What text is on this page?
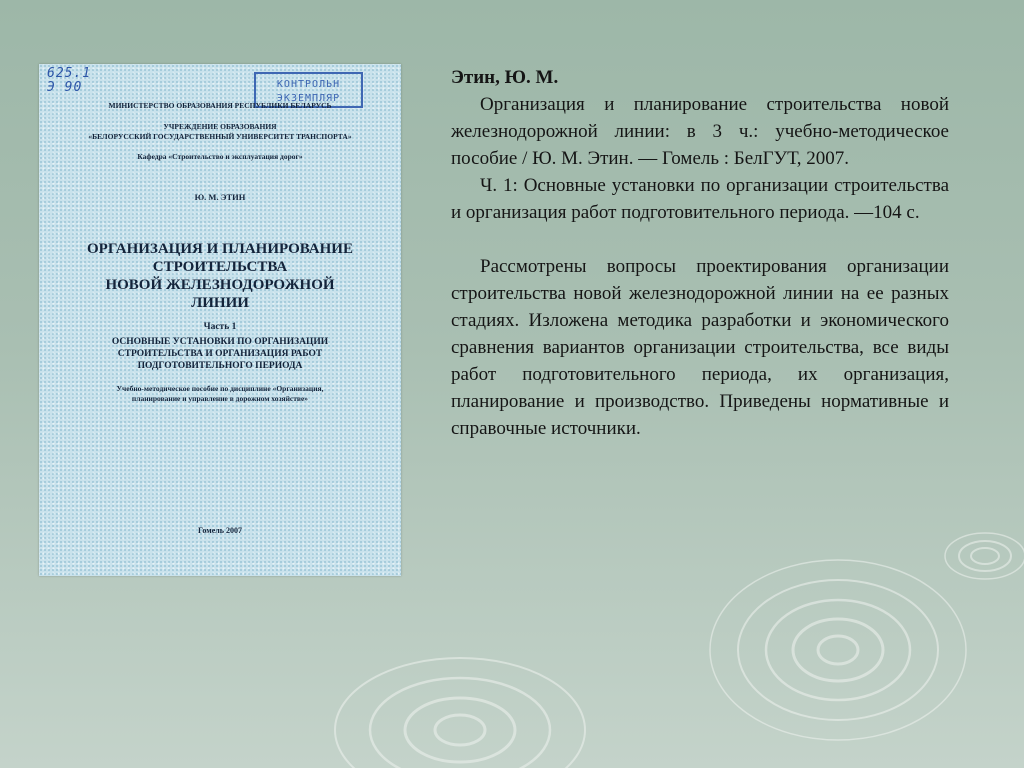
625.1
Э 90	КОНТРОЛЬН
ЭКЗЕМПЛЯР
МИНИСТЕРСТВО ОБРАЗОВАНИЯ РЕСПУБЛИКИ БЕЛАРУСЬ
УЧРЕЖДЕНИЕ ОБРАЗОВАНИЯ
«БЕЛОРУССКИЙ ГОСУДАРСТВЕННЫЙ УНИВЕРСИТЕТ ТРАНСПОРТА»
Кафедра «Строительство и эксплуатация дорог»
Ю. М. ЭТИН
ОРГАНИЗАЦИЯ И ПЛАНИРОВАНИЕ
СТРОИТЕЛЬСТВА
НОВОЙ ЖЕЛЕЗНОДОРОЖНОЙ
ЛИНИИ
Часть 1
ОСНОВНЫЕ УСТАНОВКИ ПО ОРГАНИЗАЦИИ
СТРОИТЕЛЬСТВА И ОРГАНИЗАЦИЯ РАБОТ
ПОДГОТОВИТЕЛЬНОГО ПЕРИОДА
Учебно-методическое пособие по дисциплине «Организация,
планирование и управление в дорожном хозяйстве»
Гомель 2007
Этин, Ю. М.

Организация и планирование строительства новой железнодорожной линии: в 3 ч.: учебно-методическое пособие / Ю. М. Этин. — Гомель : БелГУТ, 2007.

Ч. 1: Основные установки по организации строительства и организация работ подготовительного периода. —104 с.

Рассмотрены вопросы проектирования организации строительства новой железнодорожной линии на ее разных стадиях. Изложена методика разработки и экономического сравнения вариантов организации строительства, все виды работ подготовительного периода, их организация, планирование и производство. Приведены нормативные и справочные источники.
